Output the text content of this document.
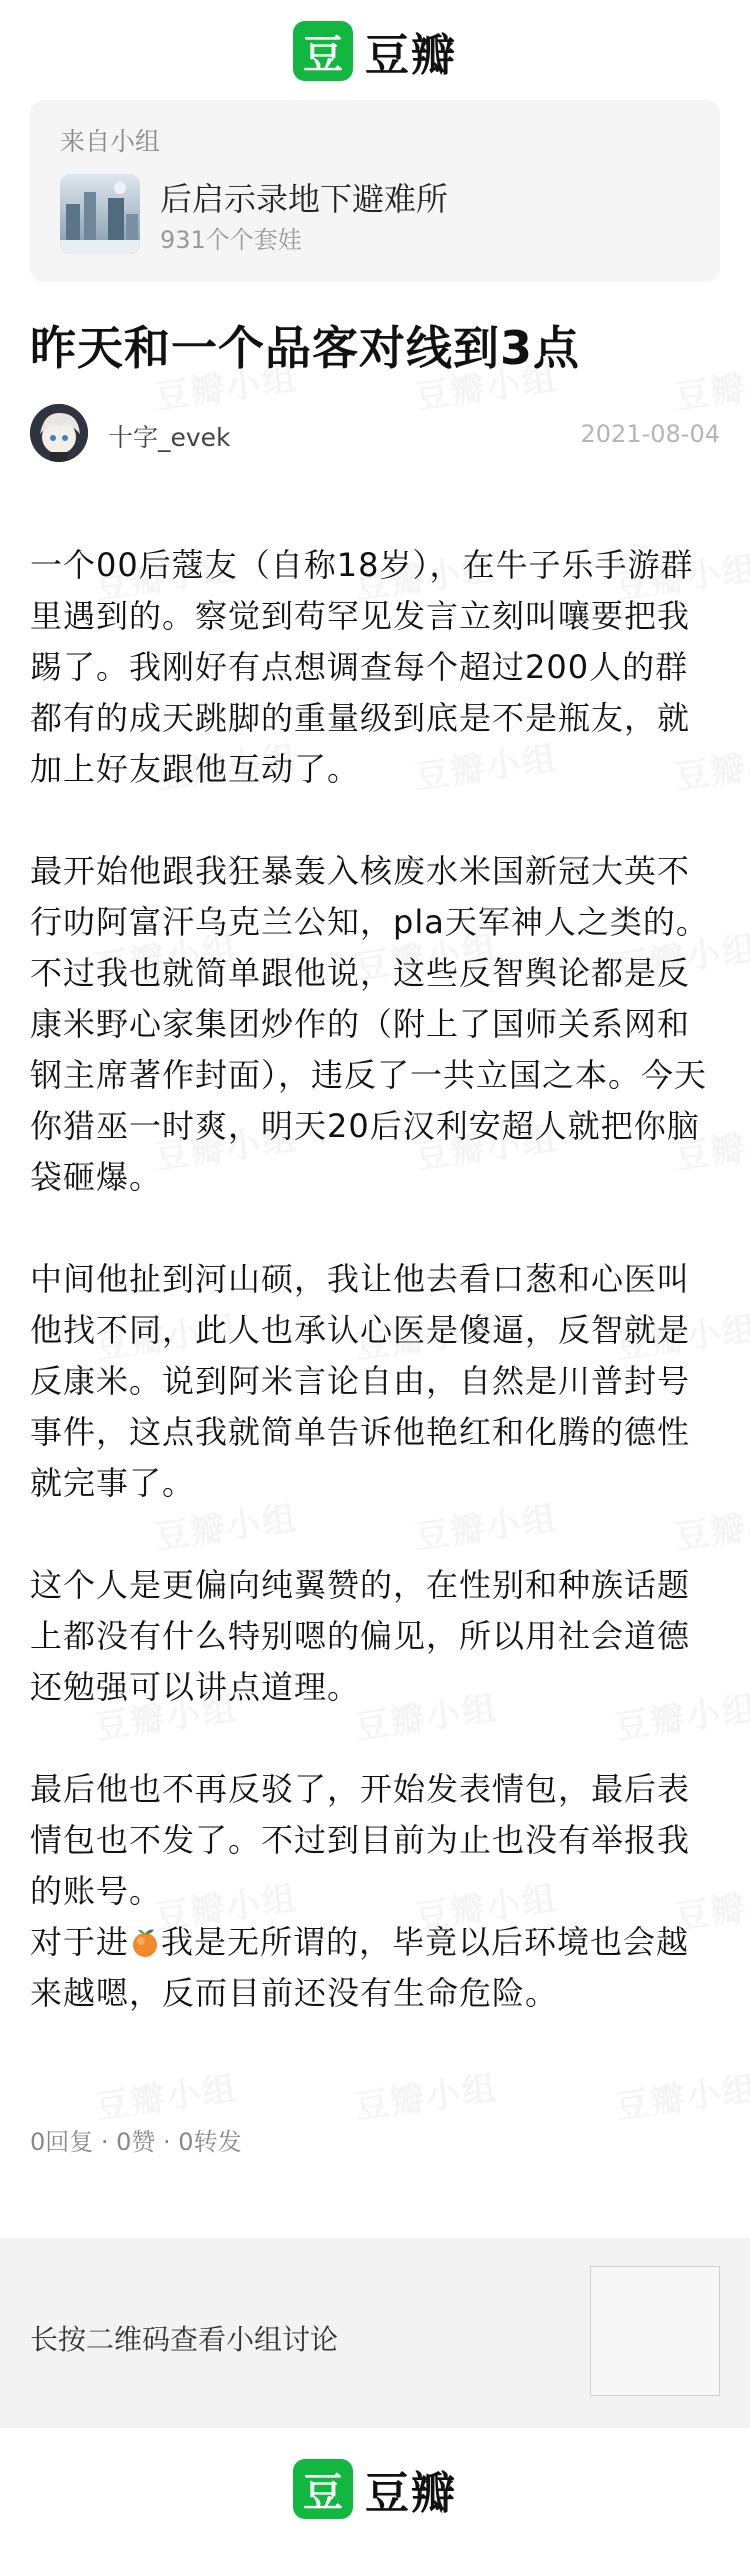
豆 豆瓣
来自小组
后启示录地下避难所
931个个套娃
昨天和一个品客对线到3点
十字_evek	2021-08-04

一个00后蔻友（自称18岁），在牛子乐手游群里遇到的。察觉到苟罕见发言立刻叫嚷要把我踢了。我刚好有点想调查每个超过200人的群都有的成天跳脚的重量级到底是不是瓶友，就加上好友跟他互动了。

最开始他跟我狂暴轰入核废水米国新冠大英不行叻阿富汗乌克兰公知，pla天军神人之类的。不过我也就简单跟他说，这些反智舆论都是反康米野心家集团炒作的（附上了国师关系网和钢主席著作封面），违反了一共立国之本。今天你猎巫一时爽，明天20后汉利安超人就把你脑袋砸爆。

中间他扯到河山硕，我让他去看口葱和心医叫他找不同，此人也承认心医是傻逼，反智就是反康米。说到阿米言论自由，自然是川普封号事件，这点我就简单告诉他艳红和化腾的德性就完事了。

这个人是更偏向纯翼赞的，在性别和种族话题上都没有什么特别嗯的偏见，所以用社会道德还勉强可以讲点道理。

最后他也不再反驳了，开始发表情包，最后表情包也不发了。不过到目前为止也没有举报我的账号。

对于进 我是无所谓的，毕竟以后环境也会越来越嗯，反而目前还没有生命危险。

0回复 · 0赞 · 0转发
长按二维码查看小组讨论
豆 豆瓣
